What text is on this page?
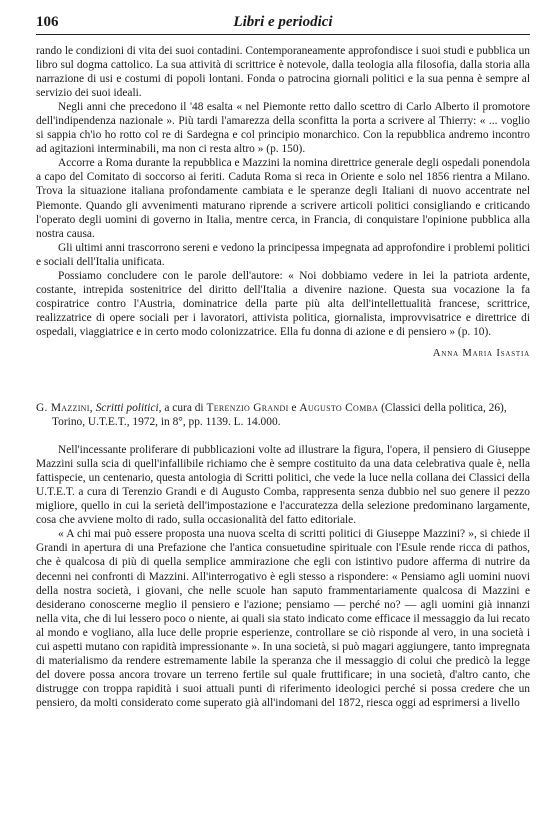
106	Libri e periodici

rando le condizioni di vita dei suoi contadini. Contemporaneamente approfondisce i suoi studi e pubblica un libro sul dogma cattolico. La sua attività di scrittrice è notevole, dalla teologia alla filosofia, dalla storia alla narrazione di usi e costumi di popoli lontani. Fonda o patrocina giornali politici e la sua penna è sempre al servizio dei suoi ideali.

Negli anni che precedono il '48 esalta « nel Piemonte retto dallo scettro di Carlo Alberto il promotore dell'indipendenza nazionale ». Più tardi l'amarezza della sconfitta la porta a scrivere al Thierry: « ... voglio si sappia ch'io ho rotto col re di Sardegna e col principio monarchico. Con la repubblica andremo incontro ad agitazioni interminabili, ma non ci resta altro » (p. 150).

Accorre a Roma durante la repubblica e Mazzini la nomina direttrice generale degli ospedali ponendola a capo del Comitato di soccorso ai feriti. Caduta Roma si reca in Oriente e solo nel 1856 rientra a Milano. Trova la situazione italiana profondamente cambiata e le speranze degli Italiani di nuovo accentrate nel Piemonte. Quando gli avvenimenti maturano riprende a scrivere articoli politici consigliando e criticando l'operato degli uomini di governo in Italia, mentre cerca, in Francia, di conquistare l'opinione pubblica alla nostra causa.

Gli ultimi anni trascorrono sereni e vedono la principessa impegnata ad approfondire i problemi politici e sociali dell'Italia unificata.

Possiamo concludere con le parole dell'autore: « Noi dobbiamo vedere in lei la patriota ardente, costante, intrepida sostenitrice del diritto dell'Italia a divenire nazione. Questa sua vocazione la fa cospiratrice contro l'Austria, dominatrice della parte più alta dell'intellettualità francese, scrittrice, realizzatrice di opere sociali per i lavoratori, attivista politica, giornalista, improvvisatrice e direttrice di ospedali, viaggiatrice e in certo modo colonizzatrice. Ella fu donna di azione e di pensiero » (p. 10).

Anna Maria Isastia

G. Mazzini, Scritti politici, a cura di Terenzio Grandi e Augusto Comba (Classici della politica, 26), Torino, U.T.E.T., 1972, in 8°, pp. 1139. L. 14.000.

Nell'incessante proliferare di pubblicazioni volte ad illustrare la figura, l'opera, il pensiero di Giuseppe Mazzini sulla scia di quell'infallibile richiamo che è sempre costituito da una data celebrativa quale è, nella fattispecie, un centenario, questa antologia di Scritti politici, che vede la luce nella collana dei Classici della U.T.E.T. a cura di Terenzio Grandi e di Augusto Comba, rappresenta senza dubbio nel suo genere il pezzo migliore, quello in cui la serietà dell'impostazione e l'accuratezza della selezione predominano largamente, cosa che avviene molto di rado, sulla occasionalità del fatto editoriale.

« A chi mai può essere proposta una nuova scelta di scritti politici di Giuseppe Mazzini? », si chiede il Grandi in apertura di una Prefazione che l'antica consuetudine spirituale con l'Esule rende ricca di pathos, che è qualcosa di più di quella semplice ammirazione che egli con istintivo pudore afferma di nutrire da decenni nei confronti di Mazzini. All'interrogativo è egli stesso a rispondere: « Pensiamo agli uomini nuovi della nostra società, i giovani, che nelle scuole han saputo frammentariamente qualcosa di Mazzini e desiderano conoscerne meglio il pensiero e l'azione; pensiamo — perché no? — agli uomini già innanzi nella vita, che di lui lessero poco o niente, ai quali sia stato indicato come efficace il messaggio da lui recato al mondo e vogliano, alla luce delle proprie esperienze, controllare se ciò risponde al vero, in una società i cui aspetti mutano con rapidità impressionante ». In una società, si può magari aggiungere, tanto impregnata di materialismo da rendere estremamente labile la speranza che il messaggio di colui che predicò la legge del dovere possa ancora trovare un terreno fertile sul quale fruttificare; in una società, d'altro canto, che distrugge con troppa rapidità i suoi attuali punti di riferimento ideologici perché si possa credere che un pensiero, da molti considerato come superato già all'indomani del 1872, riesca oggi ad esprimersi a livello
